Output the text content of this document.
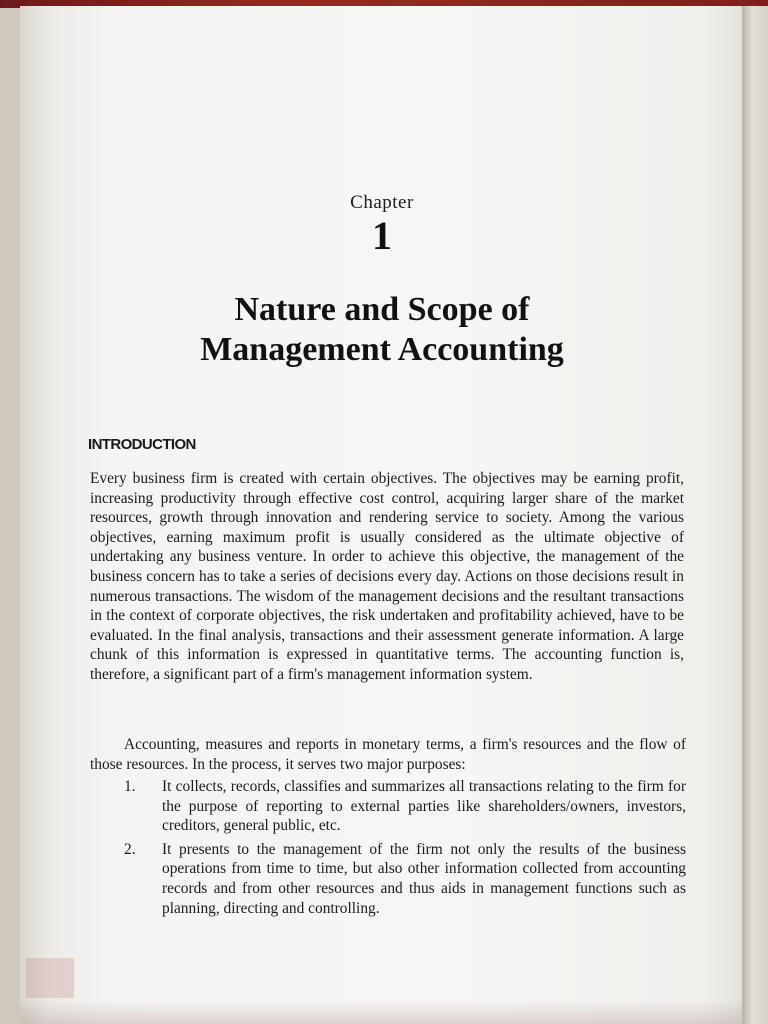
Chapter
1
Nature and Scope of
Management Accounting
INTRODUCTION
Every business firm is created with certain objectives. The objectives may be earning profit, increasing productivity through effective cost control, acquiring larger share of the market resources, growth through innovation and rendering service to society. Among the various objectives, earning maximum profit is usually considered as the ultimate objective of undertaking any business venture. In order to achieve this objective, the management of the business concern has to take a series of decisions every day. Actions on those decisions result in numerous transactions. The wisdom of the management decisions and the resultant transactions in the context of corporate objectives, the risk undertaken and profitability achieved, have to be evaluated. In the final analysis, transactions and their assessment generate information. A large chunk of this information is expressed in quantitative terms. The accounting function is, therefore, a significant part of a firm's management information system.
Accounting, measures and reports in monetary terms, a firm's resources and the flow of those resources. In the process, it serves two major purposes:
1. It collects, records, classifies and summarizes all transactions relating to the firm for the purpose of reporting to external parties like shareholders/owners, investors, creditors, general public, etc.
2. It presents to the management of the firm not only the results of the business operations from time to time, but also other information collected from accounting records and from other resources and thus aids in management functions such as planning, directing and controlling.
